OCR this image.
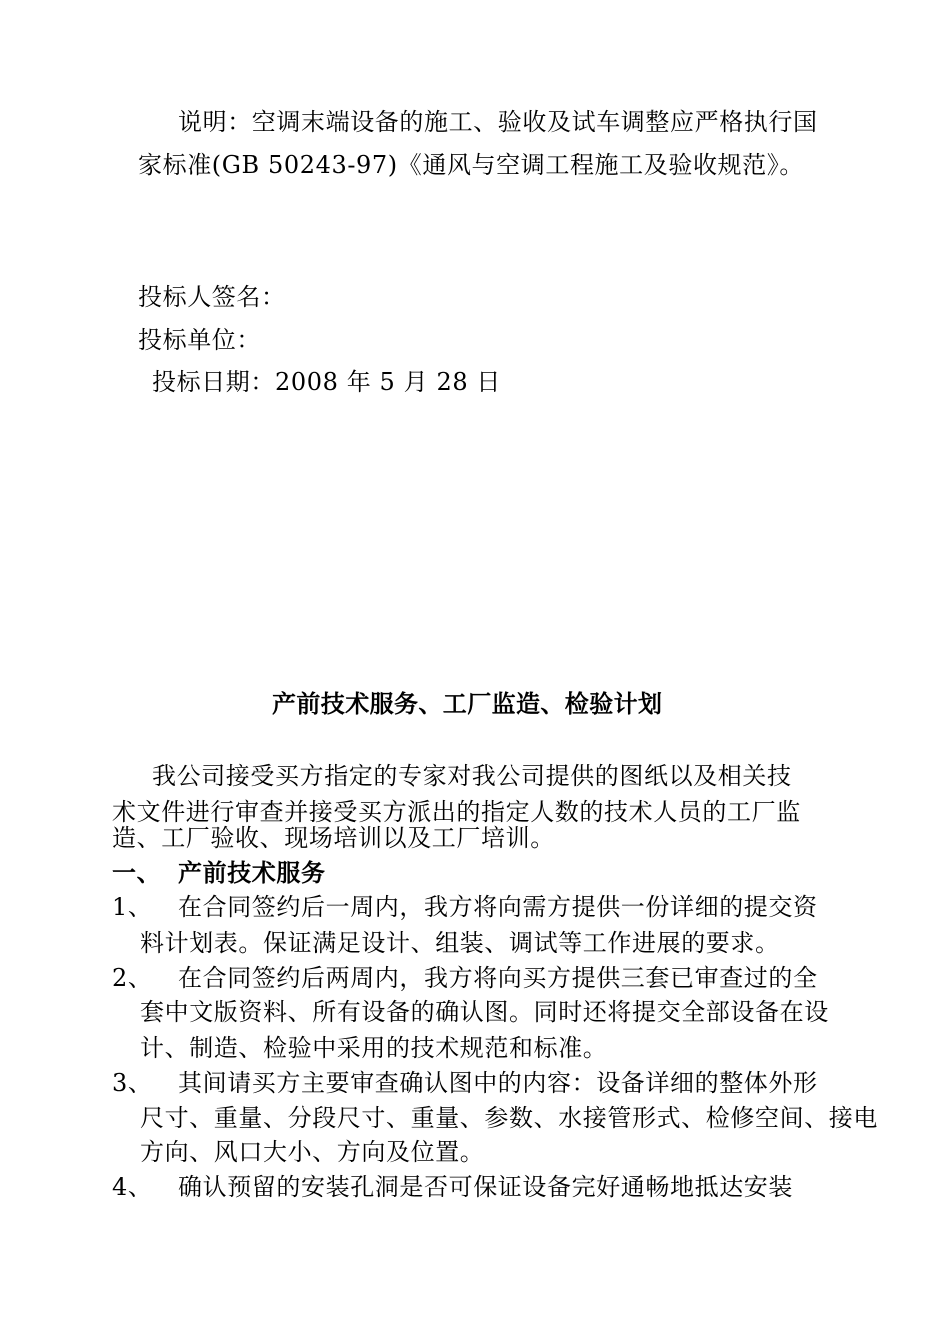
说明：空调末端设备的施工、验收及试车调整应严格执行国
家标准(GB 50243-97)《通风与空调工程施工及验收规范》。
投标人签名：
投标单位：
投标日期：2008 年 5 月 28 日
产前技术服务、工厂监造、检验计划
我公司接受买方指定的专家对我公司提供的图纸以及相关技
术文件进行审查并接受买方派出的指定人数的技术人员的工厂监
造、工厂验收、现场培训以及工厂培训。
一、 产前技术服务
1、 在合同签约后一周内，我方将向需方提供一份详细的提交资
料计划表。保证满足设计、组装、调试等工作进展的要求。
2、 在合同签约后两周内，我方将向买方提供三套已审查过的全
套中文版资料、所有设备的确认图。同时还将提交全部设备在设
计、制造、检验中采用的技术规范和标准。
3、 其间请买方主要审查确认图中的内容：设备详细的整体外形
尺寸、重量、分段尺寸、重量、参数、水接管形式、检修空间、接电
方向、风口大小、方向及位置。
4、 确认预留的安装孔洞是否可保证设备完好通畅地抵达安装
